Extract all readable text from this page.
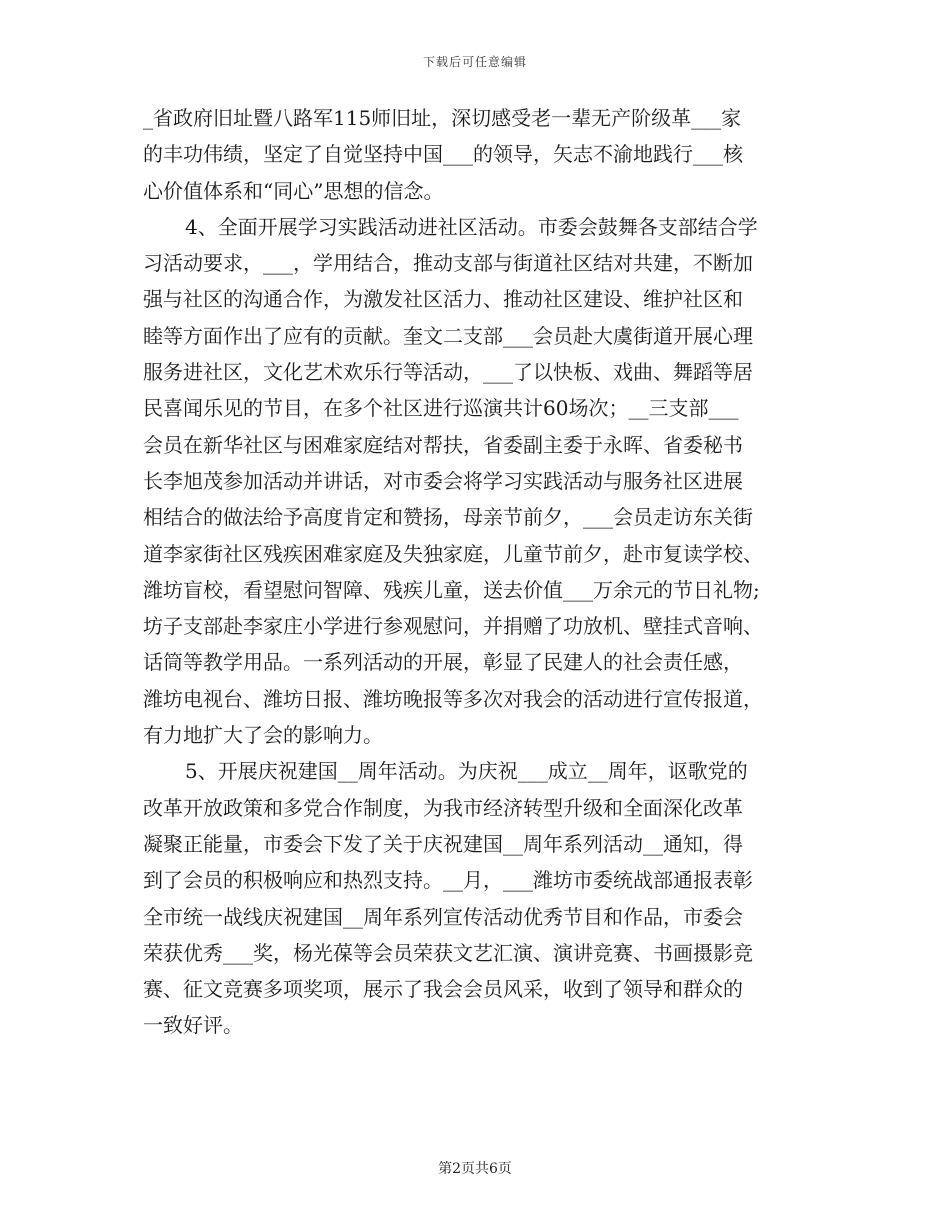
下载后可任意编辑
_省政府旧址暨八路军115师旧址，深切感受老一辈无产阶级革___家
的丰功伟绩，坚定了自觉坚持中国___的领导，矢志不渝地践行___核
心价值体系和“同心”思想的信念。
4、全面开展学习实践活动进社区活动。市委会鼓舞各支部结合学
习活动要求，___，学用结合，推动支部与街道社区结对共建，不断加
强与社区的沟通合作，为激发社区活力、推动社区建设、维护社区和
睦等方面作出了应有的贡献。奎文二支部___会员赴大虞街道开展心理
服务进社区，文化艺术欢乐行等活动，___了以快板、戏曲、舞蹈等居
民喜闻乐见的节目，在多个社区进行巡演共计60场次；__三支部___
会员在新华社区与困难家庭结对帮扶，省委副主委于永晖、省委秘书
长李旭茂参加活动并讲话，对市委会将学习实践活动与服务社区进展
相结合的做法给予高度肯定和赞扬，母亲节前夕，___会员走访东关街
道李家街社区残疾困难家庭及失独家庭，儿童节前夕，赴市复读学校、
潍坊盲校，看望慰问智障、残疾儿童，送去价值___万余元的节日礼物;
坊子支部赴李家庄小学进行参观慰问，并捐赠了功放机、壁挂式音响、
话筒等教学用品。一系列活动的开展，彰显了民建人的社会责任感，
潍坊电视台、潍坊日报、潍坊晚报等多次对我会的活动进行宣传报道，
有力地扩大了会的影响力。
5、开展庆祝建国__周年活动。为庆祝___成立__周年，讴歌党的
改革开放政策和多党合作制度，为我市经济转型升级和全面深化改革
凝聚正能量，市委会下发了关于庆祝建国__周年系列活动__通知，得
到了会员的积极响应和热烈支持。__月，___潍坊市委统战部通报表彰
全市统一战线庆祝建国__周年系列宣传活动优秀节目和作品，市委会
荣获优秀___奖，杨光葆等会员荣获文艺汇演、演讲竞赛、书画摄影竞
赛、征文竞赛多项奖项，展示了我会会员风采，收到了领导和群众的
一致好评。
第2页共6页
